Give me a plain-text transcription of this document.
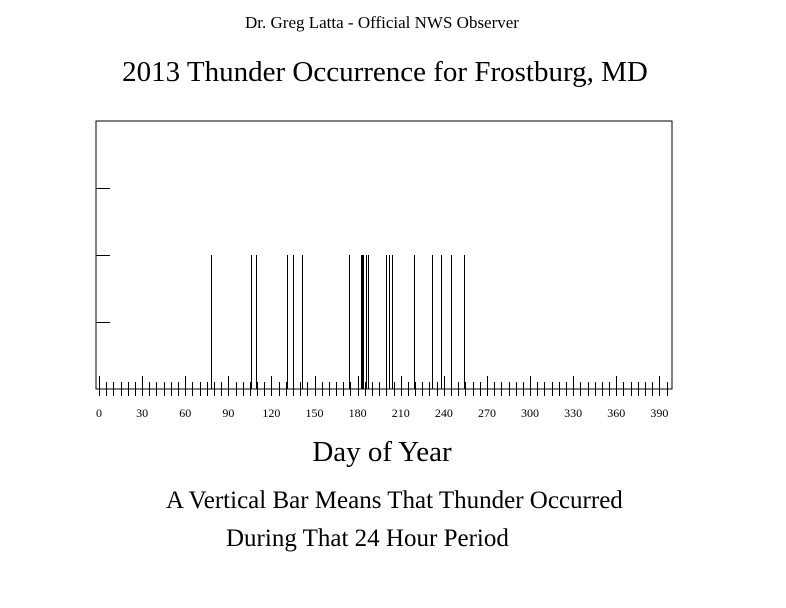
Dr. Greg Latta - Official NWS Observer
2013 Thunder Occurrence for Frostburg, MD
0	30	60	90 120 150 180 210 240 270 300 330 360 390
Day of Year
A Vertical Bar Means That Thunder Occurred
During That 24 Hour Period
